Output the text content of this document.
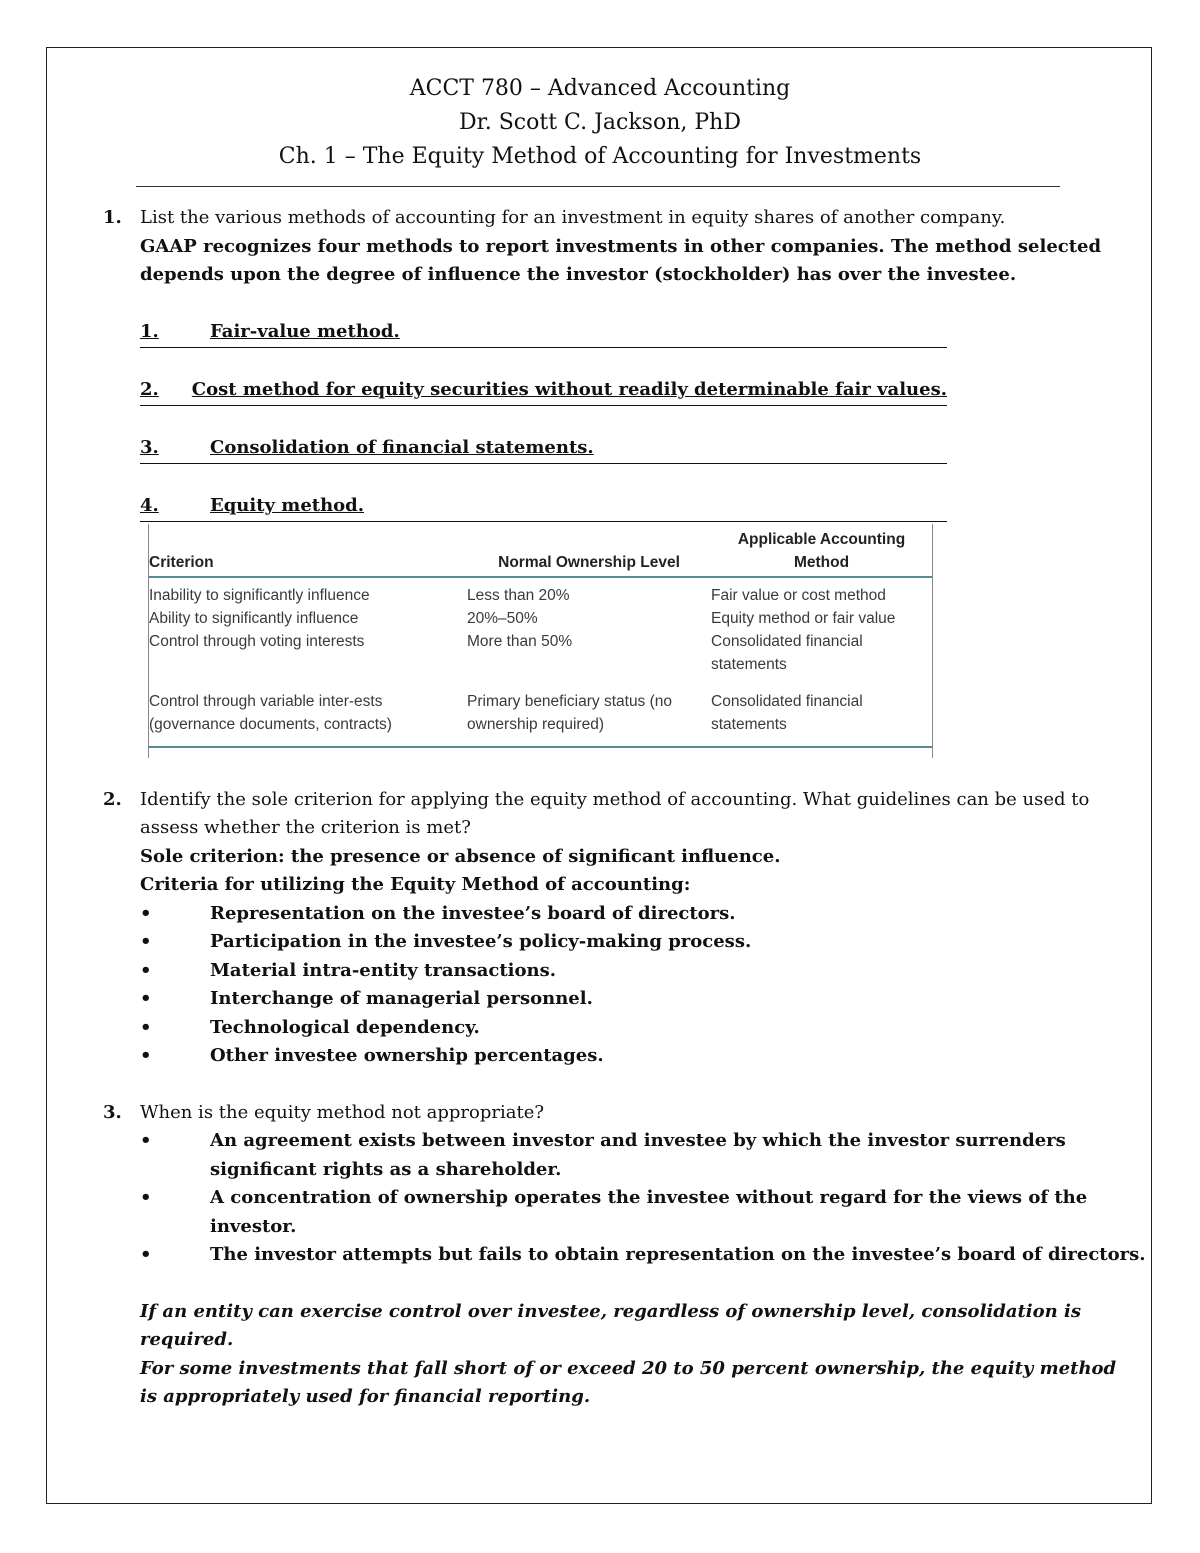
ACCT 780 – Advanced Accounting
Dr. Scott C. Jackson, PhD
Ch. 1 – The Equity Method of Accounting for Investments
1. List the various methods of accounting for an investment in equity shares of another company.
GAAP recognizes four methods to report investments in other companies. The method selected depends upon the degree of influence the investor (stockholder) has over the investee.
1.	Fair-value method.
2.	Cost method for equity securities without readily determinable fair values.
3.	Consolidation of financial statements.
4.	Equity method.
Criterion	Normal Ownership Level	Applicable Accounting Method
Inability to significantly influence	Less than 20%	Fair value or cost method
Ability to significantly influence	20%–50%	Equity method or fair value
Control through voting interests	More than 50%	Consolidated financial statements
Control through variable inter-ests (governance documents, contracts)	Primary beneficiary status (no ownership required)	Consolidated financial statements
2. Identify the sole criterion for applying the equity method of accounting. What guidelines can be used to assess whether the criterion is met?
Sole criterion: the presence or absence of significant influence.
Criteria for utilizing the Equity Method of accounting:
•	Representation on the investee’s board of directors.
•	Participation in the investee’s policy-making process.
•	Material intra-entity transactions.
•	Interchange of managerial personnel.
•	Technological dependency.
•	Other investee ownership percentages.
3. When is the equity method not appropriate?
•	An agreement exists between investor and investee by which the investor surrenders significant rights as a shareholder.
•	A concentration of ownership operates the investee without regard for the views of the investor.
•	The investor attempts but fails to obtain representation on the investee’s board of directors.
If an entity can exercise control over investee, regardless of ownership level, consolidation is required.
For some investments that fall short of or exceed 20 to 50 percent ownership, the equity method is appropriately used for financial reporting.
